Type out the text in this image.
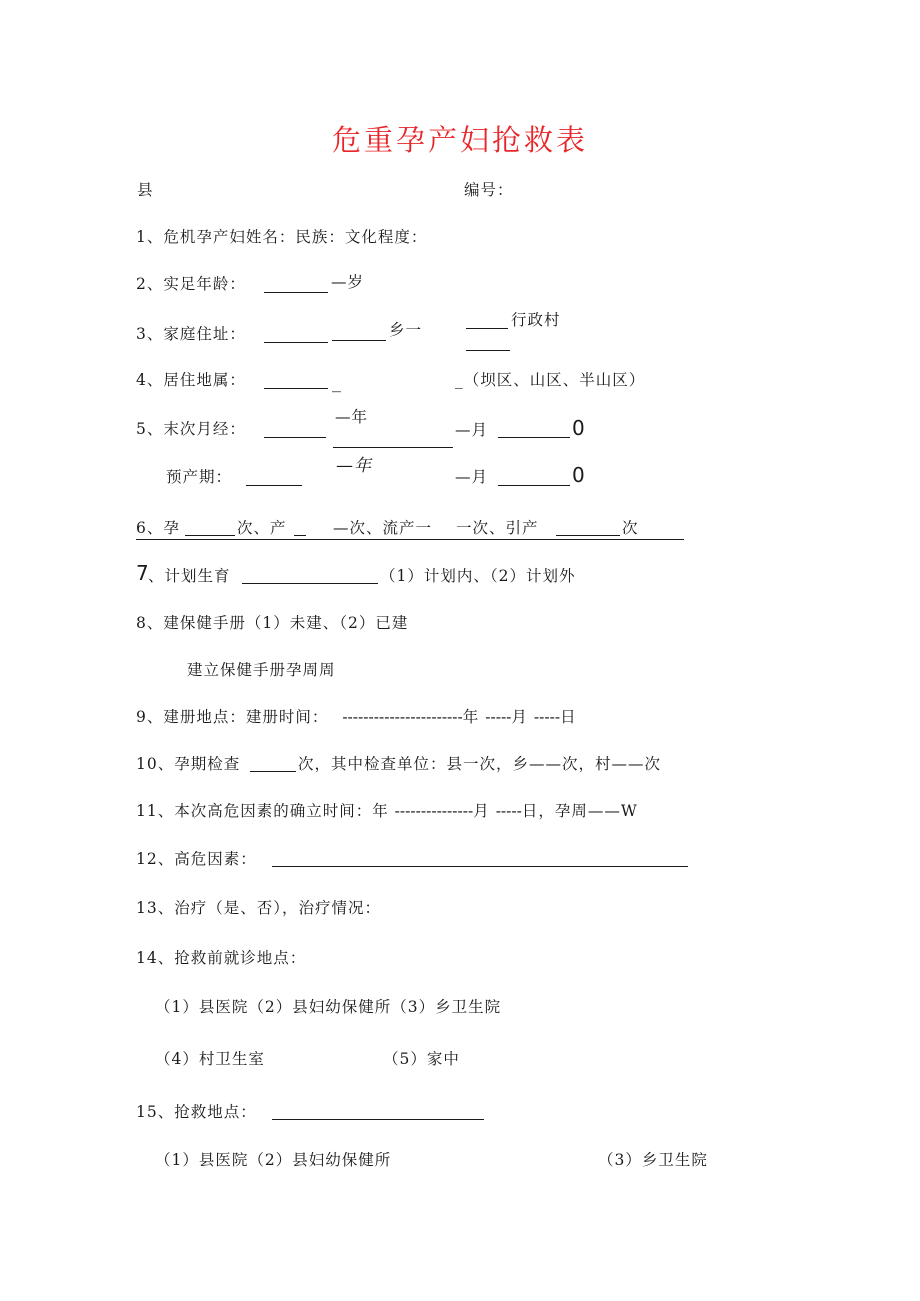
危重孕产妇抢救表
县	编号：
1、危机孕产妇姓名：民族：文化程度：
2、实足年龄：	—岁
3、家庭住址：	乡一
行政村
4、居住地属：	_	_（坝区、山区、半山区）
5、末次月经：
—年
—月	0
预产期：
—年
—月	0
6、孕	次、产	—次、流产一 一次、引产	次
7 、计划生育	（1）计划内、（2）计划外
8、建保健手册（1）未建、（2）已建
建立保健手册孕周周
9、建册地点：建册时间： -----------------------年 -----月 -----日
10、孕期检查	次，其中检查单位：县一次，乡——次，村——次
11、本次高危因素的确立时间：年 ---------------月 -----日，孕周——W
12、高危因素：
13、治疗（是、否），治疗情况：
14、抢救前就诊地点：
（1）县医院（2）县妇幼保健所（3）乡卫生院
（4）村卫生室	（5）家中
15、抢救地点：
（1）县医院（2）县妇幼保健所	（3）乡卫生院
